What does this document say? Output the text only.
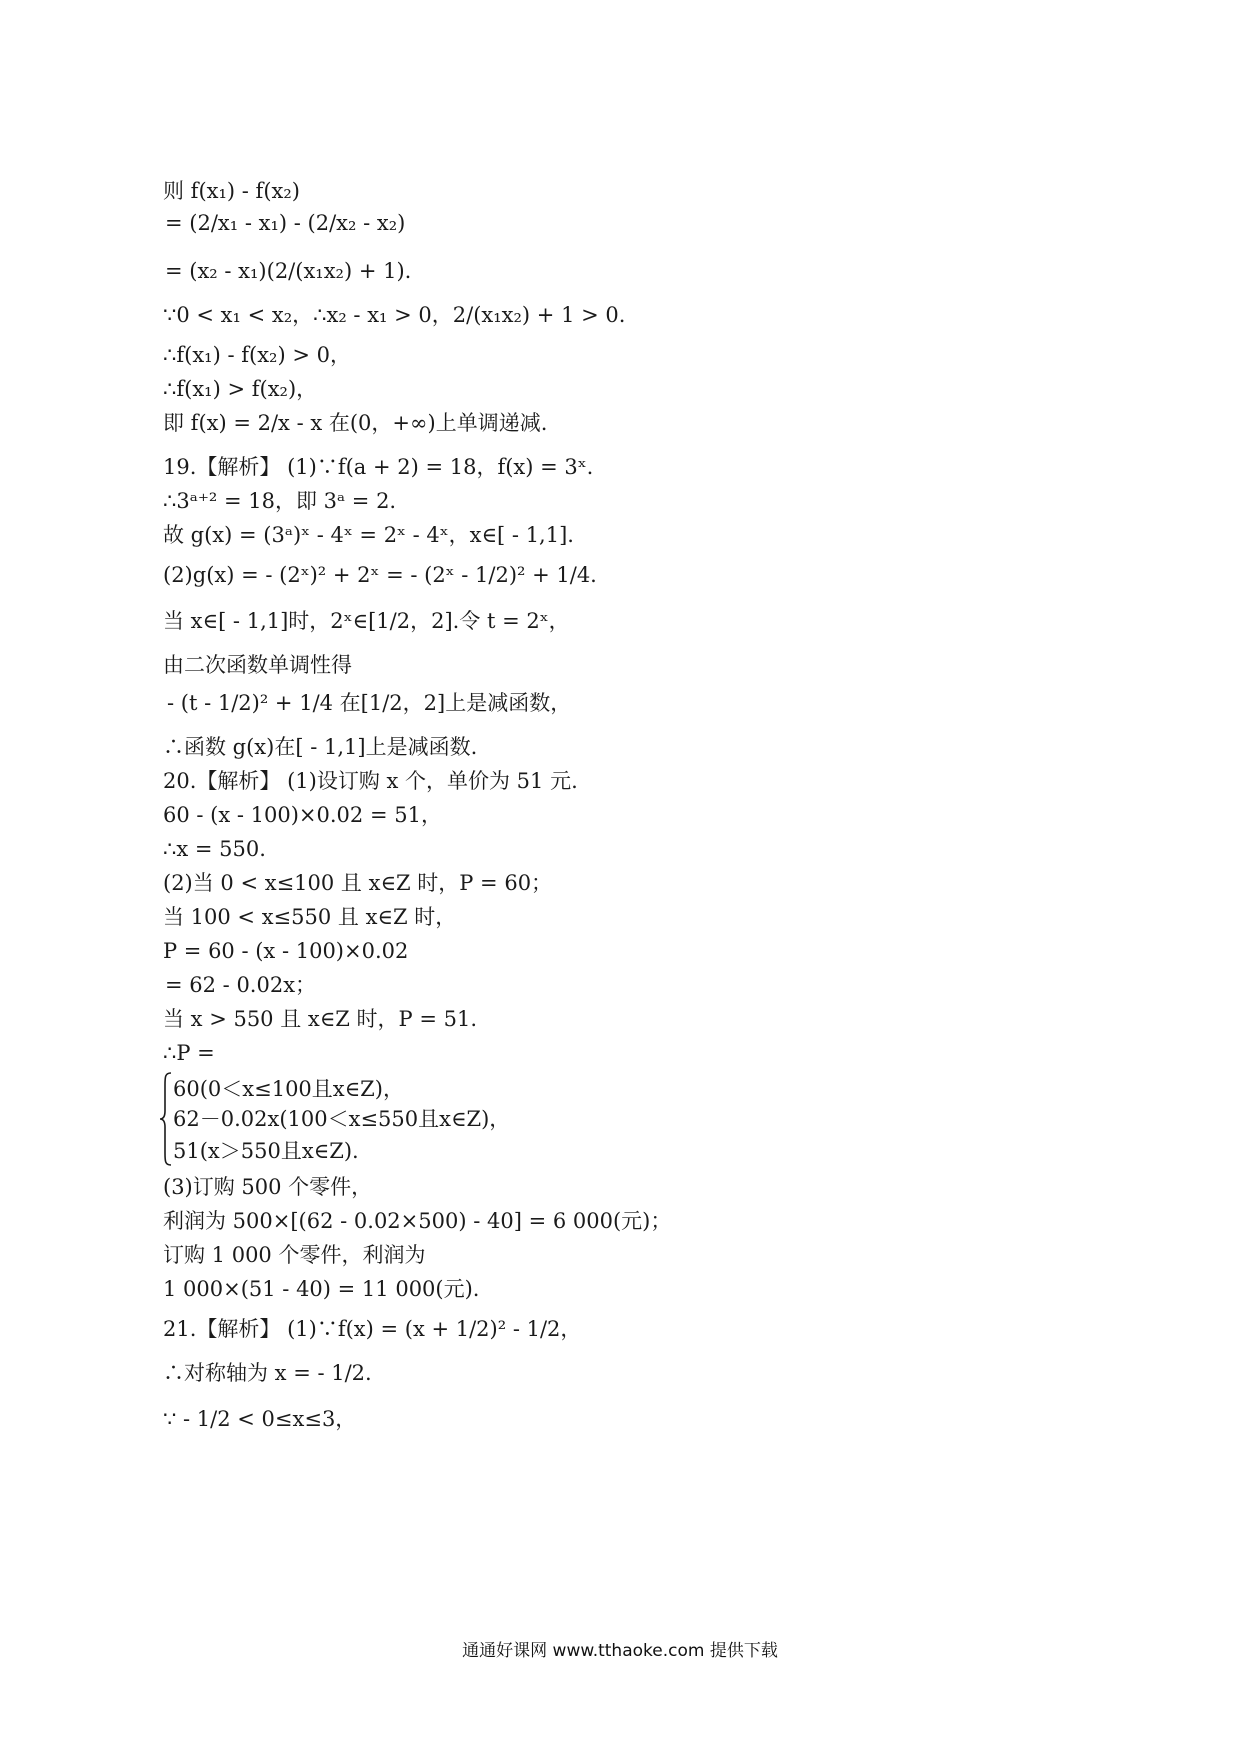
则 f(x₁) - f(x₂)
= (2/x₁ - x₁) - (2/x₂ - x₂)
= (x₂ - x₁)(2/(x₁x₂) + 1).
∵0 < x₁ < x₂，∴x₂ - x₁ > 0，2/(x₁x₂) + 1 > 0.
∴f(x₁) - f(x₂) > 0，
∴f(x₁) > f(x₂)，
即 f(x) = 2/x - x 在(0，+∞)上单调递减.
19.【解析】 (1)∵f(a + 2) = 18，f(x) = 3ˣ.
∴3ᵃ⁺² = 18，即 3ᵃ = 2.
故 g(x) = (3ᵃ)ˣ - 4ˣ = 2ˣ - 4ˣ，x∈[ - 1,1].
(2)g(x) = - (2ˣ)² + 2ˣ = - (2ˣ - 1/2)² + 1/4.
当 x∈[ - 1,1]时，2ˣ∈[1/2，2].令 t = 2ˣ，
由二次函数单调性得
- (t - 1/2)² + 1/4 在[1/2，2]上是减函数，
∴函数 g(x)在[ - 1,1]上是减函数.
20.【解析】 (1)设订购 x 个，单价为 51 元.
60 - (x - 100)×0.02 = 51，
∴x = 550.
(2)当 0 < x≤100 且 x∈Z 时，P = 60；
当 100 < x≤550 且 x∈Z 时，
P = 60 - (x - 100)×0.02
= 62 - 0.02x；
当 x > 550 且 x∈Z 时，P = 51.
∴P =
60(0＜x≤100且x∈Z)，
62－0.02x(100＜x≤550且x∈Z)，
51(x＞550且x∈Z).
(3)订购 500 个零件，
利润为 500×[(62 - 0.02×500) - 40] = 6 000(元)；
订购 1 000 个零件，利润为
1 000×(51 - 40) = 11 000(元).
21.【解析】 (1)∵f(x) = (x + 1/2)² - 1/2，
∴对称轴为 x = - 1/2.
∵ - 1/2 < 0≤x≤3，
通通好课网 www.tthaoke.com 提供下载
